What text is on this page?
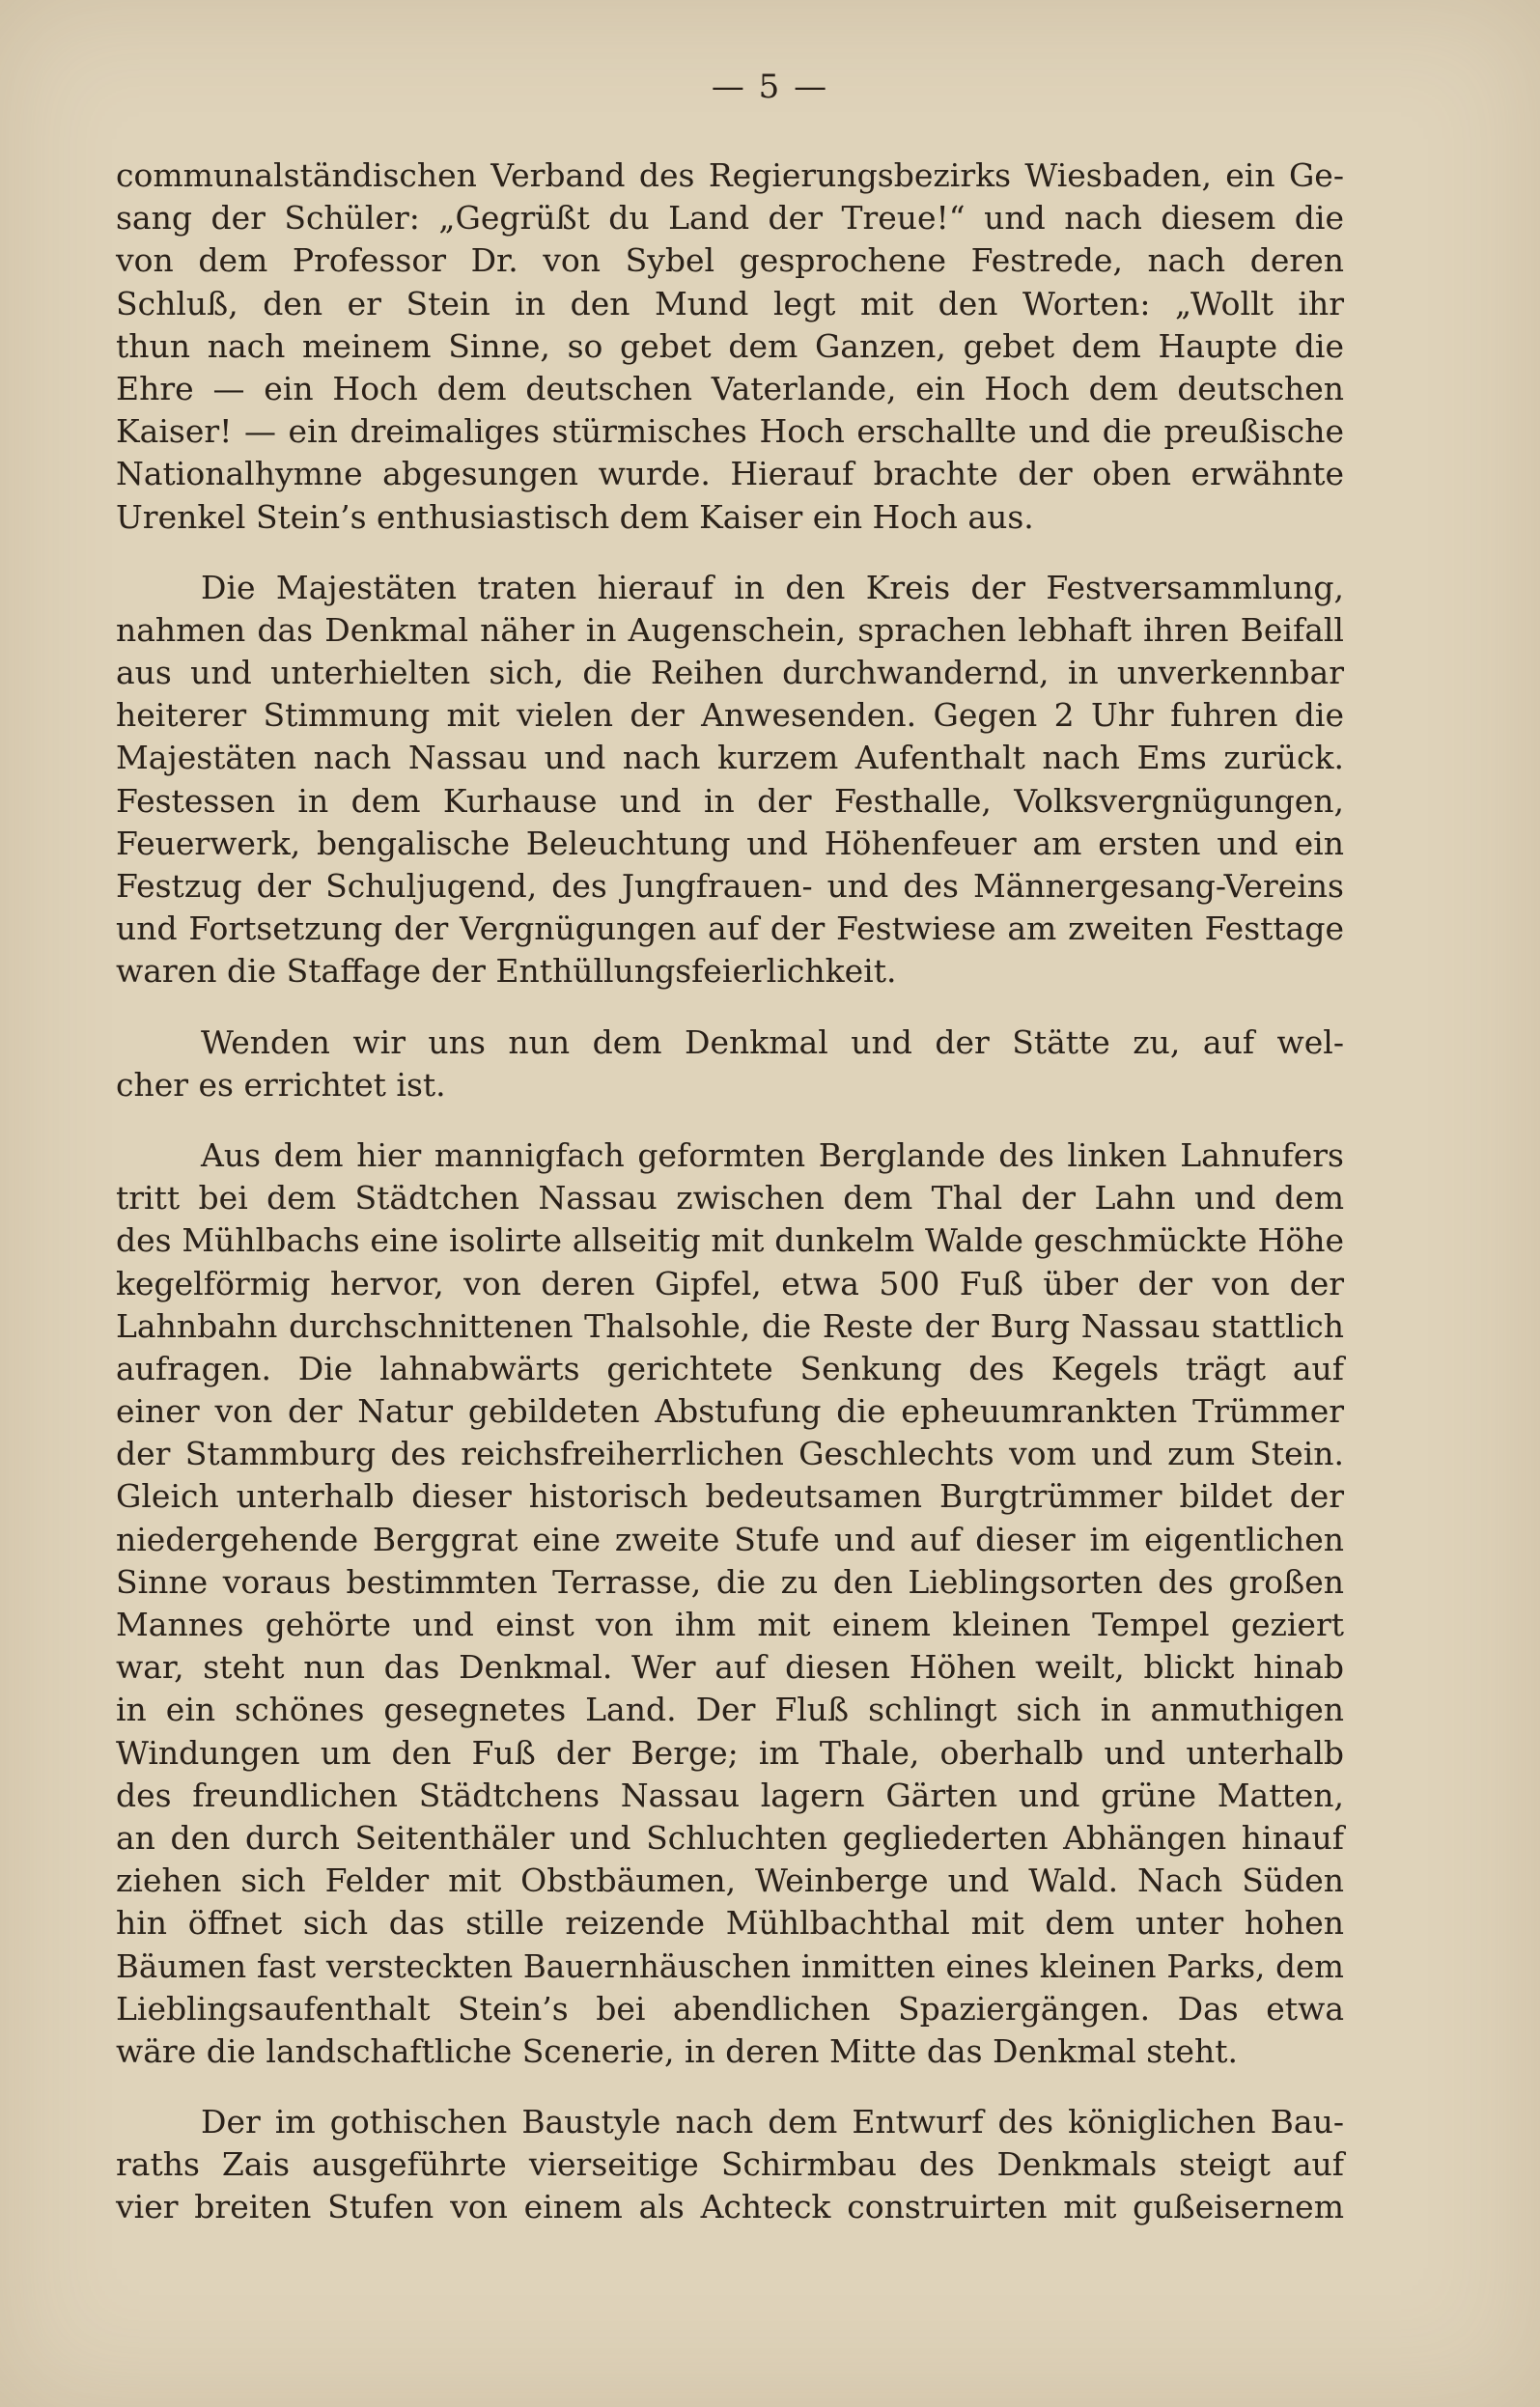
— 5 —
communalständischen Verband des Regierungsbezirks Wiesbaden, ein Ge-
sang der Schüler: „Gegrüßt du Land der Treue!“ und nach diesem die
von dem Professor Dr. von Sybel gesprochene Festrede, nach deren
Schluß, den er Stein in den Mund legt mit den Worten: „Wollt ihr
thun nach meinem Sinne, so gebet dem Ganzen, gebet dem Haupte die
Ehre — ein Hoch dem deutschen Vaterlande, ein Hoch dem deutschen
Kaiser! — ein dreimaliges stürmisches Hoch erschallte und die preußische
Nationalhymne abgesungen wurde. Hierauf brachte der oben erwähnte
Urenkel Stein’s enthusiastisch dem Kaiser ein Hoch aus.
Die Majestäten traten hierauf in den Kreis der Festversammlung,
nahmen das Denkmal näher in Augenschein, sprachen lebhaft ihren Beifall
aus und unterhielten sich, die Reihen durchwandernd, in unverkennbar
heiterer Stimmung mit vielen der Anwesenden. Gegen 2 Uhr fuhren die
Majestäten nach Nassau und nach kurzem Aufenthalt nach Ems zurück.
Festessen in dem Kurhause und in der Festhalle, Volksvergnügungen,
Feuerwerk, bengalische Beleuchtung und Höhenfeuer am ersten und ein
Festzug der Schuljugend, des Jungfrauen- und des Männergesang-Vereins
und Fortsetzung der Vergnügungen auf der Festwiese am zweiten Festtage
waren die Staffage der Enthüllungsfeierlichkeit.
Wenden wir uns nun dem Denkmal und der Stätte zu, auf wel-
cher es errichtet ist.
Aus dem hier mannigfach geformten Berglande des linken Lahnufers
tritt bei dem Städtchen Nassau zwischen dem Thal der Lahn und dem
des Mühlbachs eine isolirte allseitig mit dunkelm Walde geschmückte Höhe
kegelförmig hervor, von deren Gipfel, etwa 500 Fuß über der von der
Lahnbahn durchschnittenen Thalsohle, die Reste der Burg Nassau stattlich
aufragen. Die lahnabwärts gerichtete Senkung des Kegels trägt auf
einer von der Natur gebildeten Abstufung die epheuumrankten Trümmer
der Stammburg des reichsfreiherrlichen Geschlechts vom und zum Stein.
Gleich unterhalb dieser historisch bedeutsamen Burgtrümmer bildet der
niedergehende Berggrat eine zweite Stufe und auf dieser im eigentlichen
Sinne voraus bestimmten Terrasse, die zu den Lieblingsorten des großen
Mannes gehörte und einst von ihm mit einem kleinen Tempel geziert
war, steht nun das Denkmal. Wer auf diesen Höhen weilt, blickt hinab
in ein schönes gesegnetes Land. Der Fluß schlingt sich in anmuthigen
Windungen um den Fuß der Berge; im Thale, oberhalb und unterhalb
des freundlichen Städtchens Nassau lagern Gärten und grüne Matten,
an den durch Seitenthäler und Schluchten gegliederten Abhängen hinauf
ziehen sich Felder mit Obstbäumen, Weinberge und Wald. Nach Süden
hin öffnet sich das stille reizende Mühlbachthal mit dem unter hohen
Bäumen fast versteckten Bauernhäuschen inmitten eines kleinen Parks, dem
Lieblingsaufenthalt Stein’s bei abendlichen Spaziergängen. Das etwa
wäre die landschaftliche Scenerie, in deren Mitte das Denkmal steht.
Der im gothischen Baustyle nach dem Entwurf des königlichen Bau-
raths Zais ausgeführte vierseitige Schirmbau des Denkmals steigt auf
vier breiten Stufen von einem als Achteck construirten mit gußeisernem
